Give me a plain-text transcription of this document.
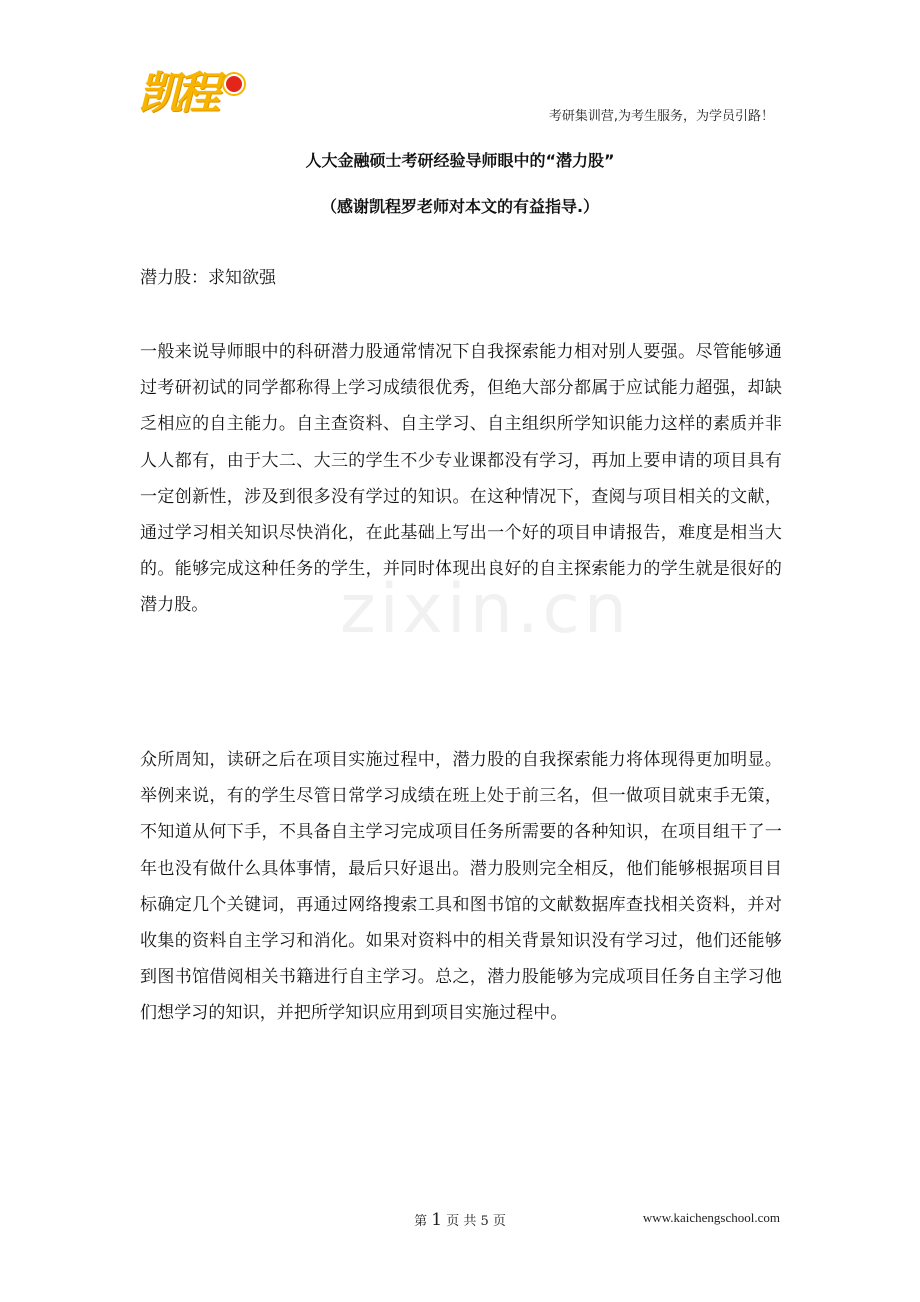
凯程	考研集训营,为考生服务，为学员引路！
人大金融硕士考研经验导师眼中的“潜力股”
（感谢凯程罗老师对本文的有益指导.）
潜力股：求知欲强
zixin.cn
一般来说导师眼中的科研潜力股通常情况下自我探索能力相对别人要强。尽管能够通过考研初试的同学都称得上学习成绩很优秀，但绝大部分都属于应试能力超强，却缺乏相应的自主能力。自主查资料、自主学习、自主组织所学知识能力这样的素质并非人人都有，由于大二、大三的学生不少专业课都没有学习，再加上要申请的项目具有一定创新性，涉及到很多没有学过的知识。在这种情况下，查阅与项目相关的文献，通过学习相关知识尽快消化，在此基础上写出一个好的项目申请报告，难度是相当大的。能够完成这种任务的学生，并同时体现出良好的自主探索能力的学生就是很好的潜力股。
众所周知，读研之后在项目实施过程中，潜力股的自我探索能力将体现得更加明显。举例来说，有的学生尽管日常学习成绩在班上处于前三名，但一做项目就束手无策，不知道从何下手，不具备自主学习完成项目任务所需要的各种知识，在项目组干了一年也没有做什么具体事情，最后只好退出。潜力股则完全相反，他们能够根据项目目标确定几个关键词，再通过网络搜索工具和图书馆的文献数据库查找相关资料，并对收集的资料自主学习和消化。如果对资料中的相关背景知识没有学习过，他们还能够到图书馆借阅相关书籍进行自主学习。总之，潜力股能够为完成项目任务自主学习他们想学习的知识，并把所学知识应用到项目实施过程中。
第 1 页 共 5 页	www.kaichengschool.com
